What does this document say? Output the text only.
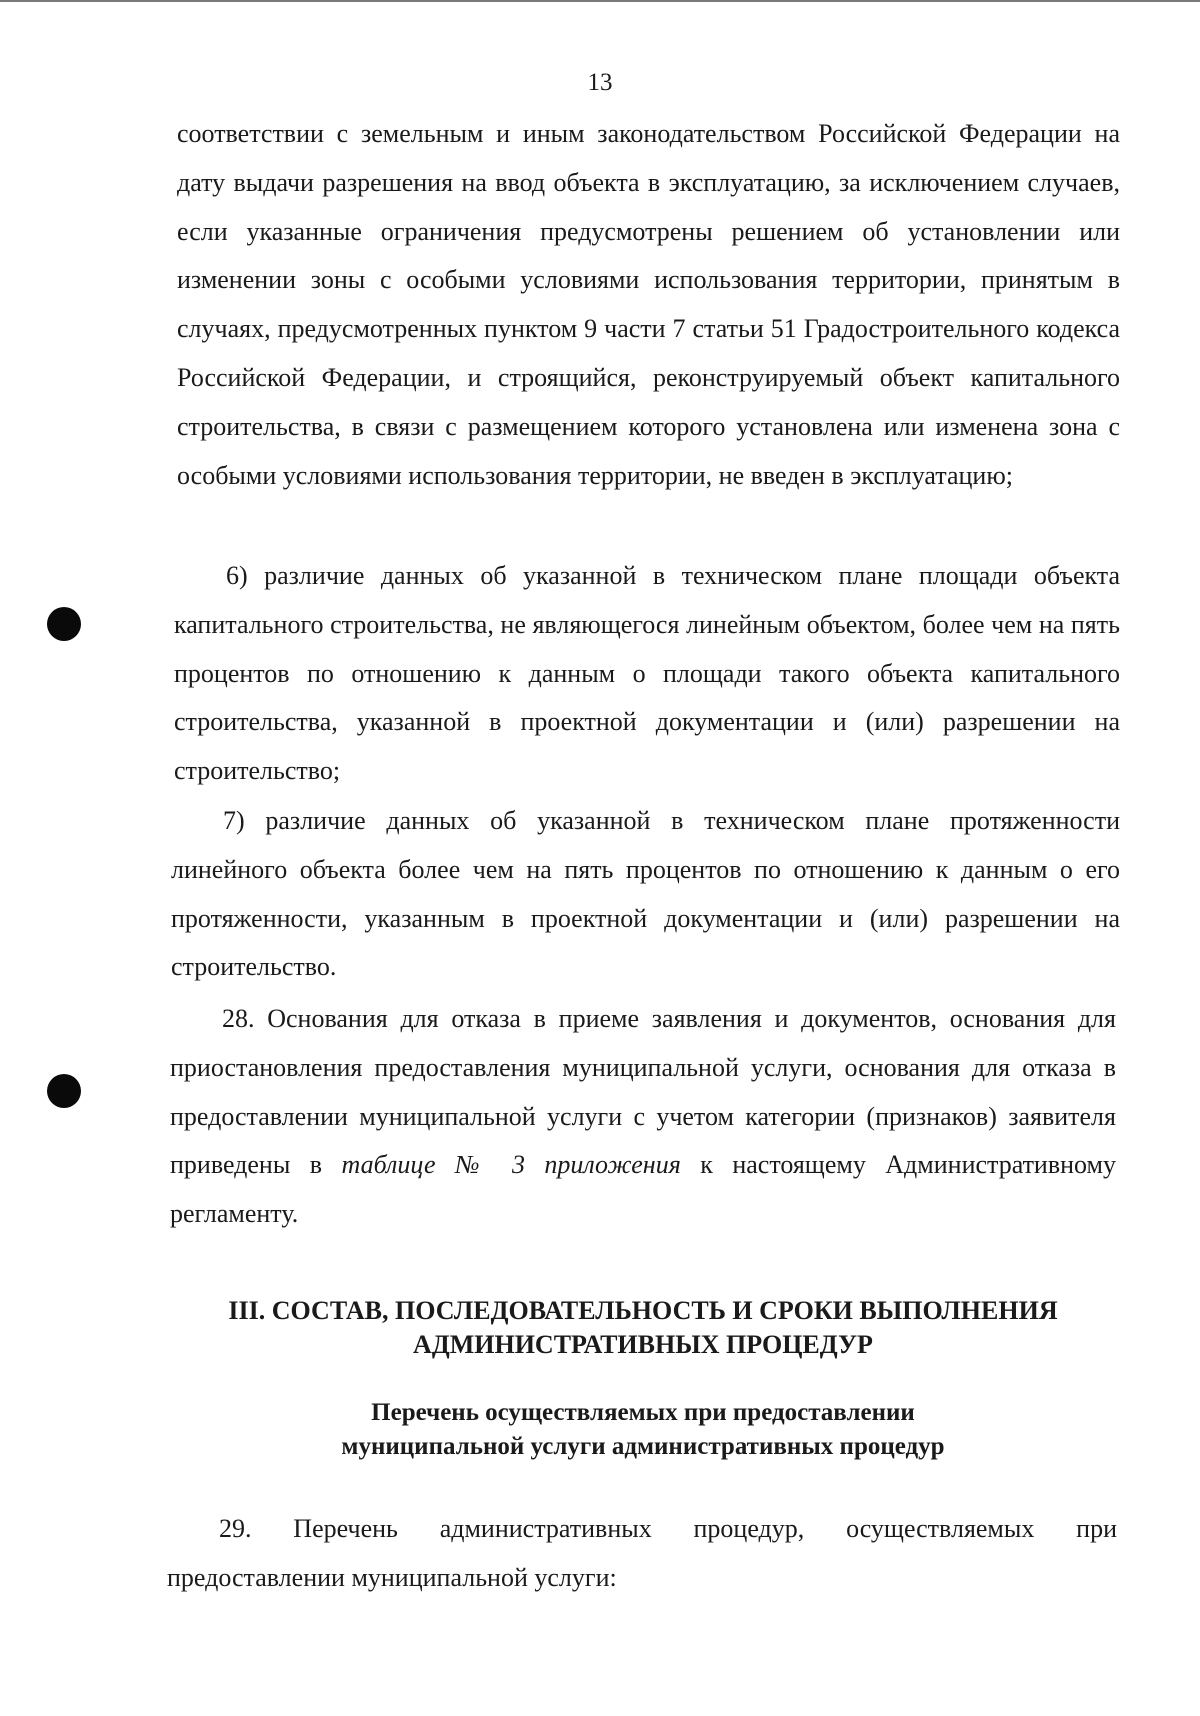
13

соответствии с земельным и иным законодательством Российской Федерации на дату выдачи разрешения на ввод объекта в эксплуатацию, за исключением случаев, если указанные ограничения предусмотрены решением об установлении или изменении зоны с особыми условиями использования территории, принятым в случаях, предусмотренных пунктом 9 части 7 статьи 51 Градостроительного кодекса Российской Федерации, и строящийся, реконструируемый объект капитального строительства, в связи с размещением которого установлена или изменена зона с особыми условиями использования территории, не введен в эксплуатацию;

6) различие данных об указанной в техническом плане площади объекта капитального строительства, не являющегося линейным объектом, более чем на пять процентов по отношению к данным о площади такого объекта капитального строительства, указанной в проектной документации и (или) разрешении на строительство;

7) различие данных об указанной в техническом плане протяженности линейного объекта более чем на пять процентов по отношению к данным о его протяженности, указанным в проектной документации и (или) разрешении на строительство.

28. Основания для отказа в приеме заявления и документов, основания для приостановления предоставления муниципальной услуги, основания для отказа в предоставлении муниципальной услуги с учетом категории (признаков) заявителя приведены в таблице № 3 приложения к настоящему Административному регламенту.

III. СОСТАВ, ПОСЛЕДОВАТЕЛЬНОСТЬ И СРОКИ ВЫПОЛНЕНИЯ
АДМИНИСТРАТИВНЫХ ПРОЦЕДУР
Перечень осуществляемых при предоставлении
муниципальной услуги административных процедур

29. Перечень административных процедур, осуществляемых при предоставлении муниципальной услуги:
